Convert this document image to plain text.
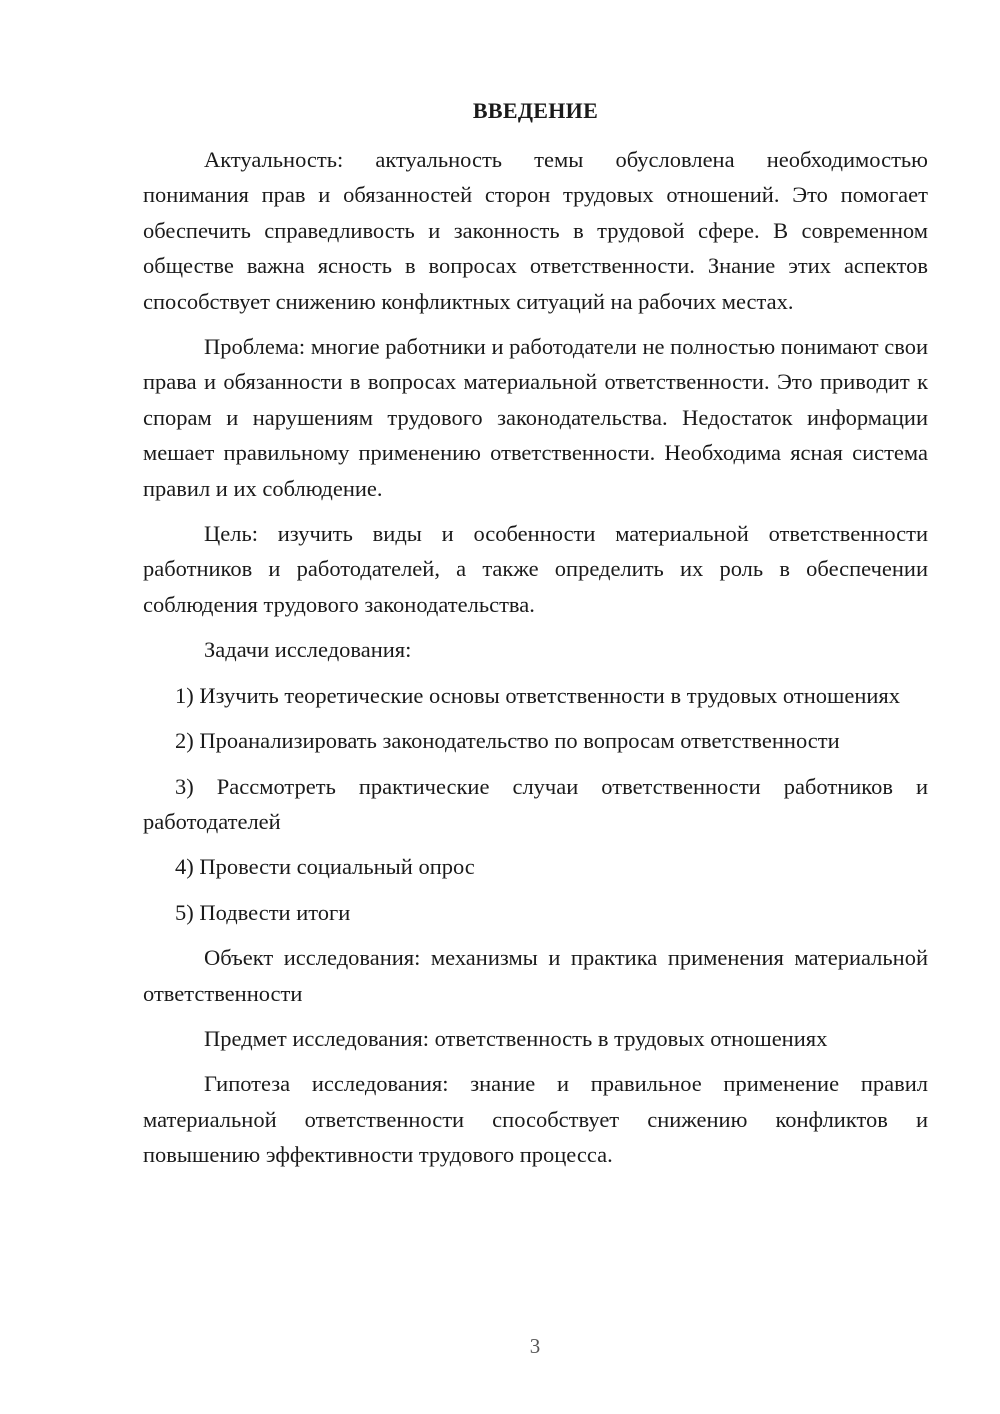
ВВЕДЕНИЕ

Актуальность: актуальность темы обусловлена необходимостью понимания прав и обязанностей сторон трудовых отношений. Это помогает обеспечить справедливость и законность в трудовой сфере. В современном обществе важна ясность в вопросах ответственности. Знание этих аспектов способствует снижению конфликтных ситуаций на рабочих местах.

Проблема: многие работники и работодатели не полностью понимают свои права и обязанности в вопросах материальной ответственности. Это приводит к спорам и нарушениям трудового законодательства. Недостаток информации мешает правильному применению ответственности. Необходима ясная система правил и их соблюдение.

Цель: изучить виды и особенности материальной ответственности работников и работодателей, а также определить их роль в обеспечении соблюдения трудового законодательства.

Задачи исследования:

1) Изучить теоретические основы ответственности в трудовых отношениях

2) Проанализировать законодательство по вопросам ответственности

3) Рассмотреть практические случаи ответственности работников и работодателей

4) Провести социальный опрос

5) Подвести итоги

Объект исследования: механизмы и практика применения материальной ответственности

Предмет исследования: ответственность в трудовых отношениях

Гипотеза исследования: знание и правильное применение правил материальной ответственности способствует снижению конфликтов и повышению эффективности трудового процесса.

3
